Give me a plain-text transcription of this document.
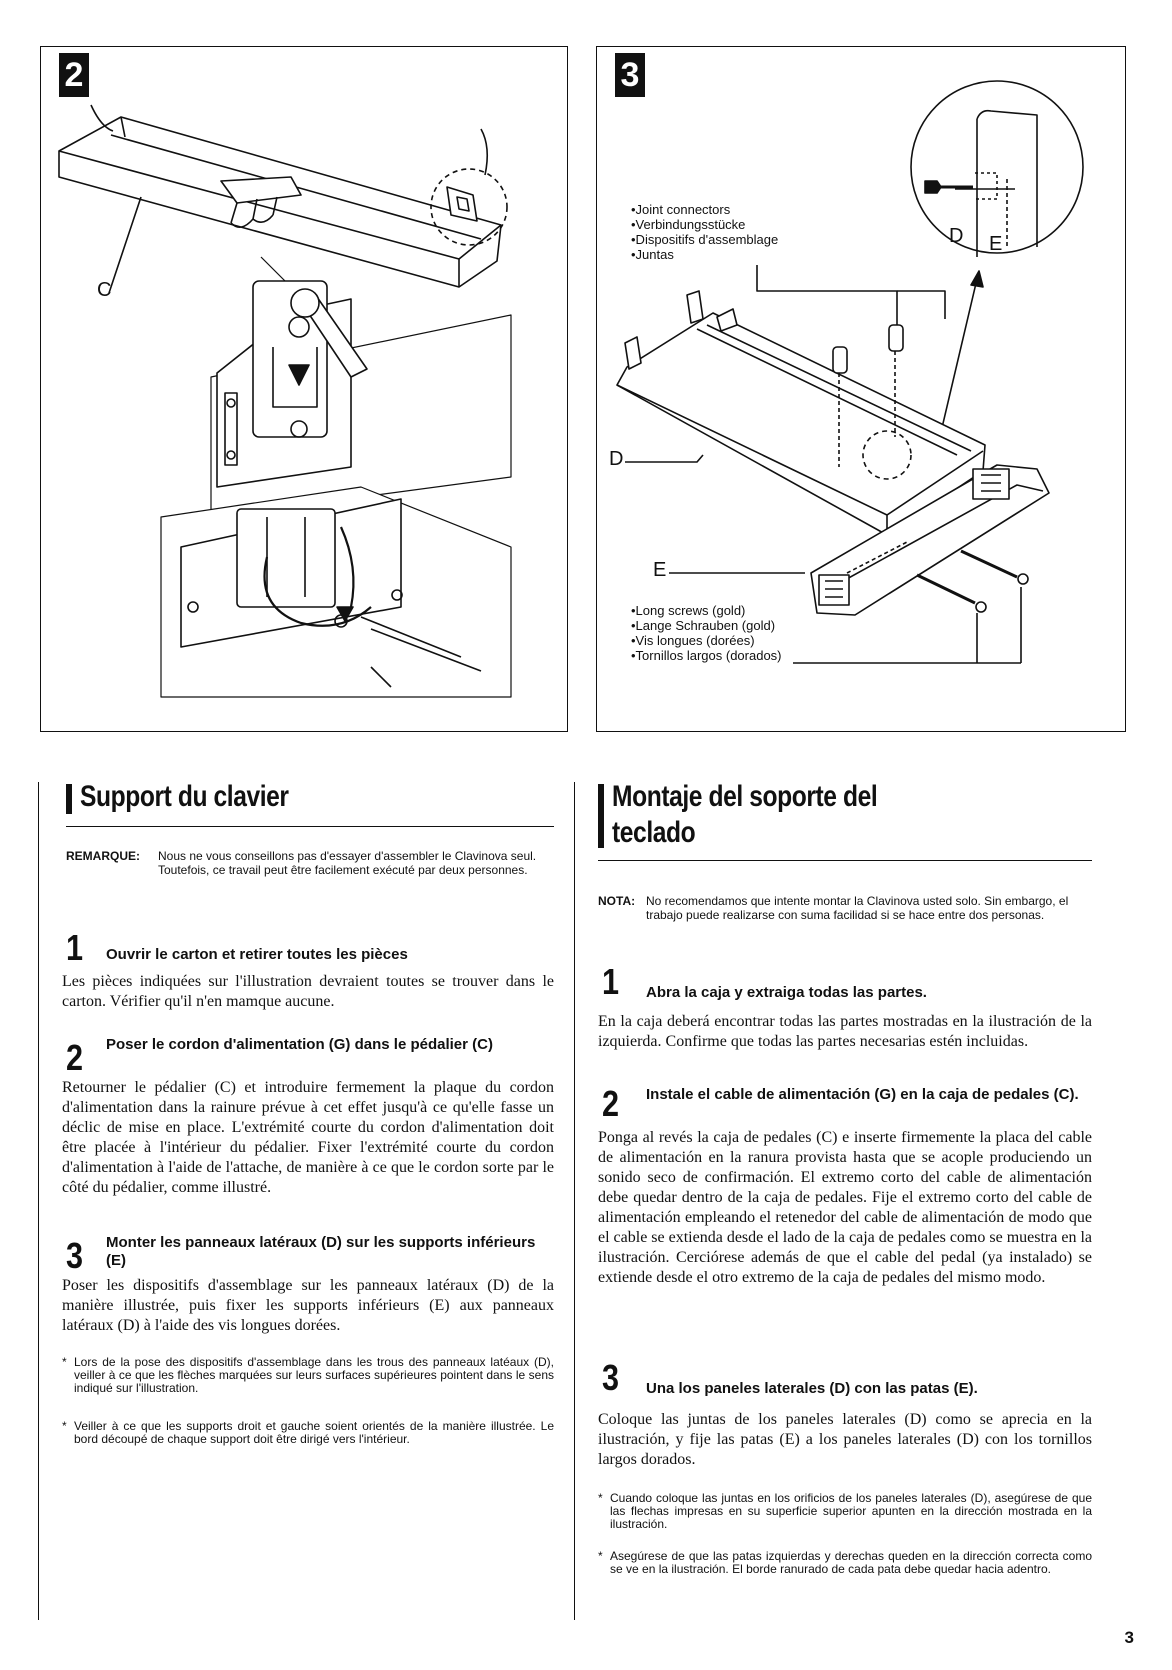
2
C
3
•Joint connectors
•Verbindungsstücke
•Dispositifs d'assemblage
•Juntas
•Long screws (gold)
•Lange Schrauben (gold)
•Vis longues (dorées)
•Tornillos largos (dorados)
D
E
D E
Support du clavier
REMARQUE: Nous ne vous conseillons pas d'essayer d'assembler le Clavinova seul. Toutefois, ce travail peut être facilement exécuté par deux personnes.
1 Ouvrir le carton et retirer toutes les pièces
Les pièces indiquées sur l'illustration devraient toutes se trouver dans le carton. Vérifier qu'il n'en mamque aucune.
2 Poser le cordon d'alimentation (G) dans le pédalier (C)
Retourner le pédalier (C) et introduire fermement la plaque du cordon d'alimentation dans la rainure prévue à cet effet jusqu'à ce qu'elle fasse un déclic de mise en place. L'extrémité courte du cordon d'alimentation doit être placée à l'intérieur du pédalier. Fixer l'extrémité courte du cordon d'alimentation à l'aide de l'attache, de manière à ce que le cordon sorte par le côté du pédalier, comme illustré.
3 Monter les panneaux latéraux (D) sur les supports inférieurs (E)
Poser les dispositifs d'assemblage sur les panneaux latéraux (D) de la manière illustrée, puis fixer les supports inférieurs (E) aux panneaux latéraux (D) à l'aide des vis longues dorées.
* Lors de la pose des dispositifs d'assemblage dans les trous des panneaux latéaux (D), veiller à ce que les flèches marquées sur leurs surfaces supérieures pointent dans le sens indiqué sur l'illustration.
* Veiller à ce que les supports droit et gauche soient orientés de la manière illustrée. Le bord découpé de chaque support doit être dirigé vers l'intérieur.
Montaje del soporte del
teclado
NOTA: No recomendamos que intente montar la Clavinova usted solo. Sin embargo, el trabajo puede realizarse con suma facilidad si se hace entre dos personas.
1 Abra la caja y extraiga todas las partes.
En la caja deberá encontrar todas las partes mostradas en la ilustración de la izquierda. Confirme que todas las partes necesarias estén incluidas.
2 Instale el cable de alimentación (G) en la caja de pedales (C).
Ponga al revés la caja de pedales (C) e inserte firmemente la placa del cable de alimentación en la ranura provista hasta que se acople produciendo un sonido seco de confirmación. El extremo corto del cable de alimentación debe quedar dentro de la caja de pedales. Fije el extremo corto del cable de alimentación empleando el retenedor del cable de alimentación de modo que el cable se extienda desde el lado de la caja de pedales como se muestra en la ilustración. Cerciórese además de que el cable del pedal (ya instalado) se extiende desde el otro extremo de la caja de pedales del mismo modo.
3 Una los paneles laterales (D) con las patas (E).
Coloque las juntas de los paneles laterales (D) como se aprecia en la ilustración, y fije las patas (E) a los paneles laterales (D) con los tornillos largos dorados.
* Cuando coloque las juntas en los orificios de los paneles laterales (D), asegúrese de que las flechas impresas en su superficie superior apunten en la dirección mostrada en la ilustración.
* Asegúrese de que las patas izquierdas y derechas queden en la dirección correcta como se ve en la ilustración. El borde ranurado de cada pata debe quedar hacia adentro.
3
